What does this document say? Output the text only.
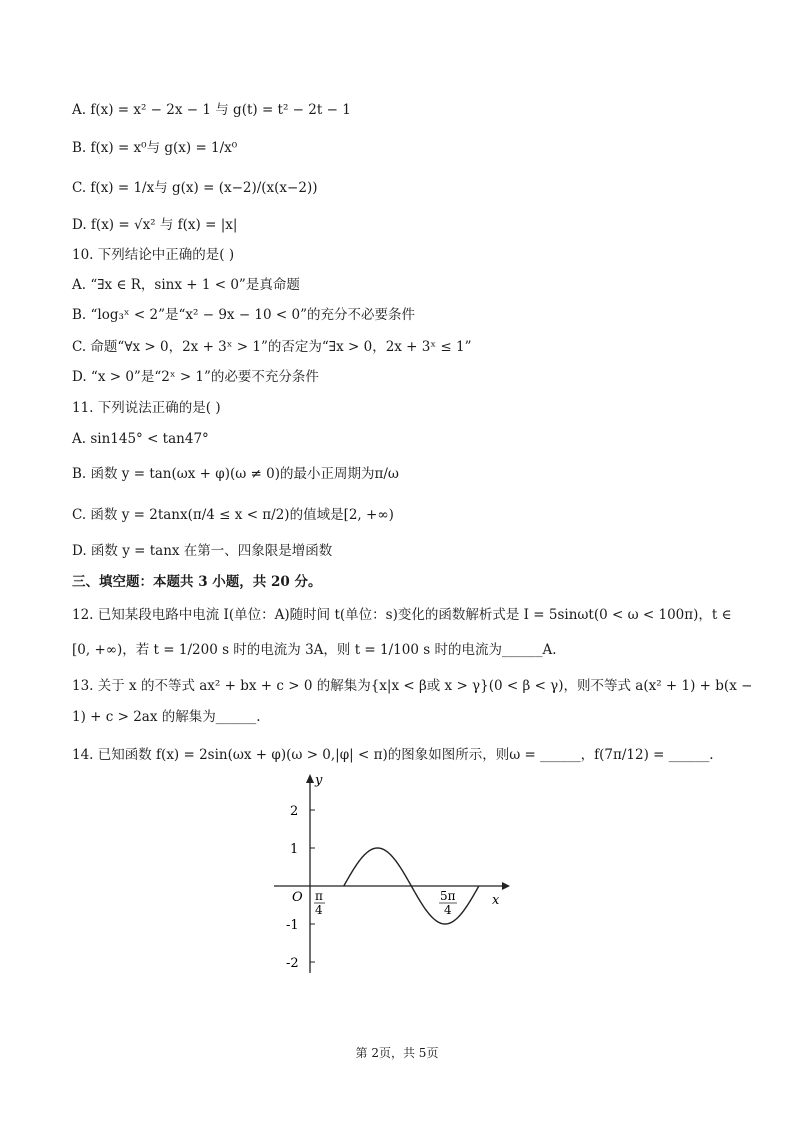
A. f(x) = x² − 2x − 1 与 g(t) = t² − 2t − 1
B. f(x) = x⁰与 g(x) = 1/x⁰
C. f(x) = 1/x与 g(x) = (x−2)/(x(x−2))
D. f(x) = √x² 与 f(x) = |x|
10. 下列结论中正确的是( )
A. “∃x ∈ R，sinx + 1 < 0”是真命题
B. “log₃ˣ < 2”是“x² − 9x − 10 < 0”的充分不必要条件
C. 命题“∀x > 0，2x + 3ˣ > 1”的否定为“∃x > 0，2x + 3ˣ ≤ 1”
D. “x > 0”是“2ˣ > 1”的必要不充分条件
11. 下列说法正确的是( )
A. sin145° < tan47°
B. 函数 y = tan(ωx + φ)(ω ≠ 0)的最小正周期为π/ω
C. 函数 y = 2tanx(π/4 ≤ x < π/2)的值域是[2, +∞)
D. 函数 y = tanx 在第一、四象限是增函数
三、填空题：本题共 3 小题，共 20 分。
12. 已知某段电路中电流 I(单位：A)随时间 t(单位：s)变化的函数解析式是 I = 5sinωt(0 < ω < 100π)，t ∈
[0, +∞)，若 t = 1/200 s 时的电流为 3A，则 t = 1/100 s 时的电流为______A.
13. 关于 x 的不等式 ax² + bx + c > 0 的解集为{x|x < β或 x > γ}(0 < β < γ)，则不等式 a(x² + 1) + b(x −
1) + c > 2ax 的解集为______.
14. 已知函数 f(x) = 2sin(ωx + φ)(ω > 0,|φ| < π)的图象如图所示，则ω = ______，f(7π/12) = ______.
2
1
-1
-2
y
x
O π
4
5π
4
第 2页，共 5页
